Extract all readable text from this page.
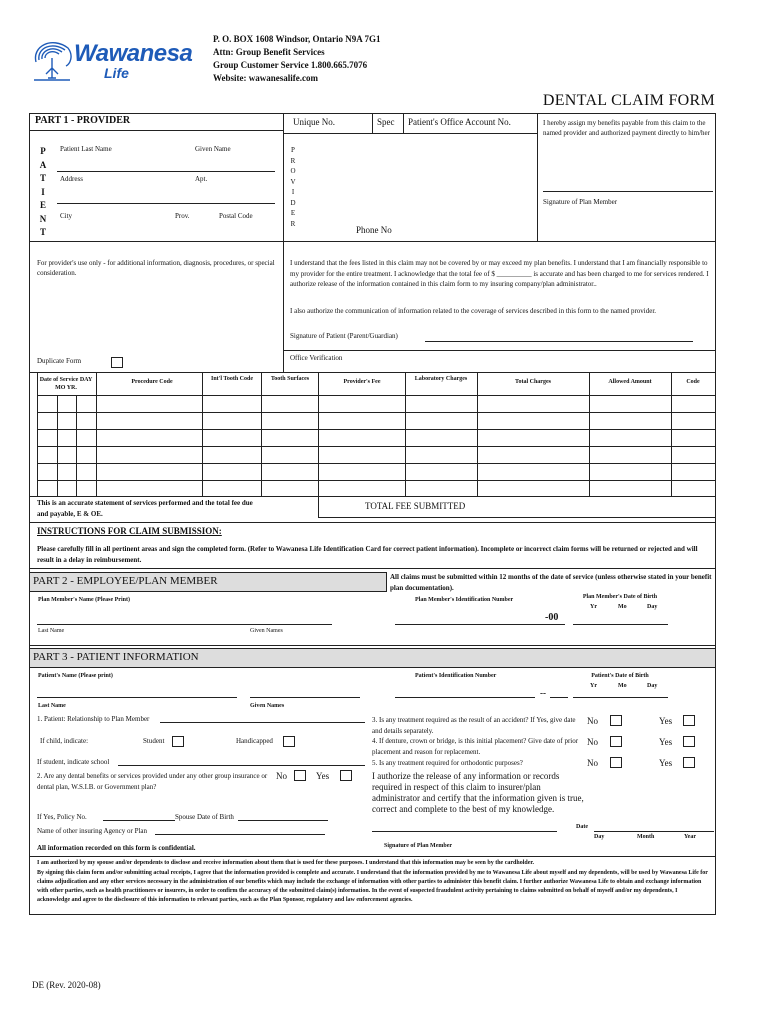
Wawanesa
Life
P. O. BOX 1608 Windsor, Ontario N9A 7G1
Attn: Group Benefit Services
Group Customer Service 1.800.665.7076
Website: wawanesalife.com
DENTAL CLAIM FORM
PART 1 - PROVIDER	Unique No.	Spec Patient's Office Account No.	I hereby assign my benefits payable from this claim to the named provider and authorized payment directly to him/her
Signature of Plan Member
P
A
T
I
E
N
T
Patient Last Name	Given Name
Address	Apt.
City	Prov.	Postal Code
P
R
O
V
I
D
E
R
Phone No
For provider's use only - for additional information, diagnosis, procedures, or special consideration.
I understand that the fees listed in this claim may not be covered by or may exceed my plan benefits. I understand that I am financially responsible to my provider for the entire treatment. I acknowledge that the total fee of $ __________ is accurate and has been charged to me for services rendered. I authorize release of the information contained in this claim form to my insuring company/plan administrator..
I also authorize the communication of information related to the coverage of services described in this form to the named provider.
Signature of Patient (Parent/Guardian)
Office Verification
Duplicate Form
Date of Service DAY MO YR.
Procedure Code	Int'l Tooth Code	Tooth Surfaces	Provider's Fee	Laboratory Charges	Total Charges	Allowed Amount	Code
This is an accurate statement of services performed and the total fee due and payable, E & OE.
TOTAL FEE SUBMITTED
INSTRUCTIONS FOR CLAIM SUBMISSION:
Please carefully fill in all pertinent areas and sign the completed form. (Refer to Wawanesa Life Identification Card for correct patient information). Incomplete or incorrect claim forms will be returned or rejected and will result in a delay in reimbursement.
PART 2 - EMPLOYEE/PLAN MEMBER	All claims must be submitted within 12 months of the date of service (unless otherwise stated in your benefit plan documentation).
Plan Member's Name (Please Print)	Plan Member's Identification Number	Plan Member's Date of Birth
Yr	Mo	Day
-00
Last Name	Given Names
PART 3 - PATIENT INFORMATION
Patient's Name (Please print)	Patient's Identification Number	Patient's Date of Birth
Yr	Mo	Day
--
Last Name	Given Names
1. Patient: Relationship to Plan Member
If child, indicate:	Student	Handicapped
If student, indicate school
2. Are any dental benefits or services provided under any other group insurance or dental plan, W.S.I.B. or Government plan?
No	Yes
If Yes, Policy No.	Spouse Date of Birth
Name of other insuring Agency or Plan
All information recorded on this form is confidential.
3. Is any treatment required as the result of an accident? If Yes, give date and details separately.
4. If denture, crown or bridge, is this initial placement? Give date of prior placement and reason for replacement.
5. Is any treatment required for orthodontic purposes?
No	Yes
No	Yes
No	Yes
I authorize the release of any information or records required in respect of this claim to insurer/plan administrator and certify that the information given is true, correct and complete to the best of my knowledge.
Date
Day	Month	Year
Signature of Plan Member
I am authorized by my spouse and/or dependents to disclose and receive information about them that is used for these purposes. I understand that this information may be seen by the cardholder.
By signing this claim form and/or submitting actual receipts, I agree that the information provided is complete and accurate. I understand that the information provided by me to Wawanesa Life about myself and my dependents, will be used by Wawanesa Life for claims adjudication and any other services necessary in the administration of our benefits which may include the exchange of information with other parties to administer this benefit claim. I further authorize Wawanesa Life to obtain and exchange information with other parties, such as health practitioners or insurers, in order to confirm the accuracy of the submitted claim(s) information. In the event of suspected fraudulent activity pertaining to claims submitted on behalf of myself and/or my dependents, I acknowledge and agree to the disclosure of this information to relevant parties, such as the Plan Sponsor, regulatory and law enforcement agencies.
DE (Rev. 2020-08)
